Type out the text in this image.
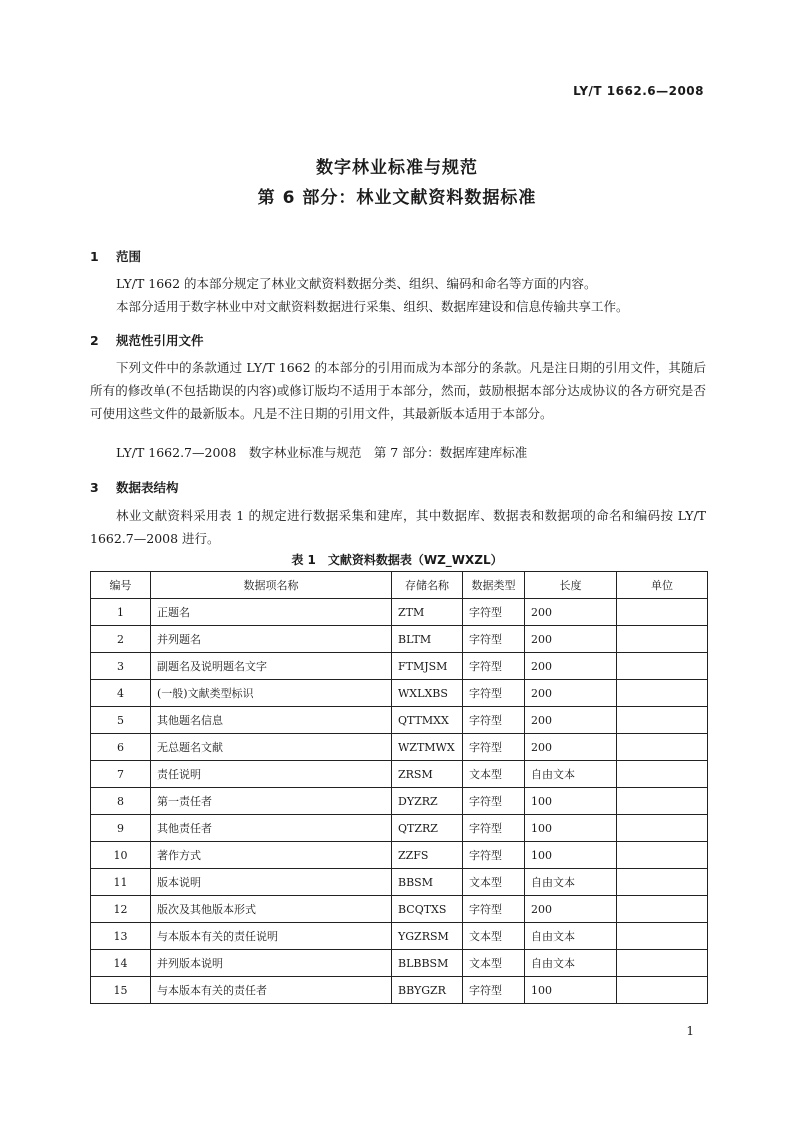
LY/T 1662.6—2008
数字林业标准与规范
第 6 部分：林业文献资料数据标准
1 范围
LY/T 1662 的本部分规定了林业文献资料数据分类、组织、编码和命名等方面的内容。
本部分适用于数字林业中对文献资料数据进行采集、组织、数据库建设和信息传输共享工作。
2 规范性引用文件
下列文件中的条款通过 LY/T 1662 的本部分的引用而成为本部分的条款。凡是注日期的引用文件，其随后所有的修改单(不包括勘误的内容)或修订版均不适用于本部分，然而，鼓励根据本部分达成协议的各方研究是否可使用这些文件的最新版本。凡是不注日期的引用文件，其最新版本适用于本部分。
LY/T 1662.7—2008　数字林业标准与规范　第 7 部分：数据库建库标准
3 数据表结构
林业文献资料采用表 1 的规定进行数据采集和建库，其中数据库、数据表和数据项的命名和编码按 LY/T 1662.7—2008 进行。
表 1　文献资料数据表（WZ_WXZL）
编号	数据项名称	存储名称	数据类型	长度	单位
1	正题名	ZTM	字符型	200	
2	并列题名	BLTM	字符型	200	
3	副题名及说明题名文字	FTMJSM	字符型	200	
4	(一般)文献类型标识	WXLXBS	字符型	200	
5	其他题名信息	QTTMXX	字符型	200	
6	无总题名文献	WZTMWX	字符型	200	
7	责任说明	ZRSM	文本型	自由文本	
8	第一责任者	DYZRZ	字符型	100	
9	其他责任者	QTZRZ	字符型	100	
10	著作方式	ZZFS	字符型	100	
11	版本说明	BBSM	文本型	自由文本	
12	版次及其他版本形式	BCQTXS	字符型	200	
13	与本版本有关的责任说明	YGZRSM	文本型	自由文本	
14	并列版本说明	BLBBSM	文本型	自由文本	
15	与本版本有关的责任者	BBYGZR	字符型	100	
1
